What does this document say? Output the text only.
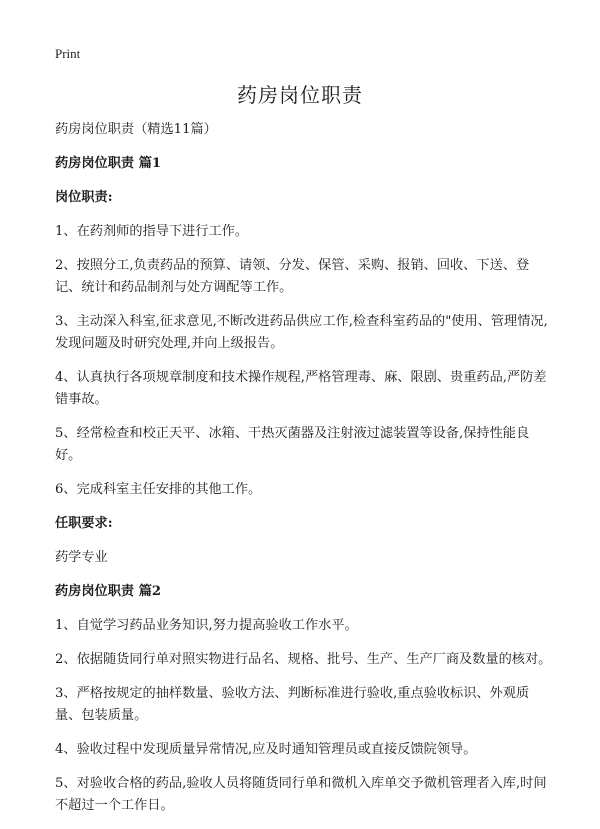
Print
药房岗位职责

药房岗位职责（精选11篇）

药房岗位职责 篇1

岗位职责:

1、在药剂师的指导下进行工作。

2、按照分工,负责药品的预算、请领、分发、保管、采购、报销、回收、下送、登记、统计和药品制剂与处方调配等工作。

3、主动深入科室,征求意见,不断改进药品供应工作,检查科室药品的"使用、管理情况,发现问题及时研究处理,并向上级报告。

4、认真执行各项规章制度和技术操作规程,严格管理毒、麻、限剧、贵重药品,严防差错事故。

5、经常检查和校正天平、冰箱、干热灭菌器及注射液过滤装置等设备,保持性能良好。

6、完成科室主任安排的其他工作。

任职要求:

药学专业

药房岗位职责 篇2

1、自觉学习药品业务知识,努力提高验收工作水平。

2、依据随货同行单对照实物进行品名、规格、批号、生产、生产厂商及数量的核对。

3、严格按规定的抽样数量、验收方法、判断标准进行验收,重点验收标识、外观质量、包装质量。

4、验收过程中发现质量异常情况,应及时通知管理员或直接反馈院领导。

5、对验收合格的药品,验收人员将随货同行单和微机入库单交予微机管理者入库,时间不超过一个工作日。
